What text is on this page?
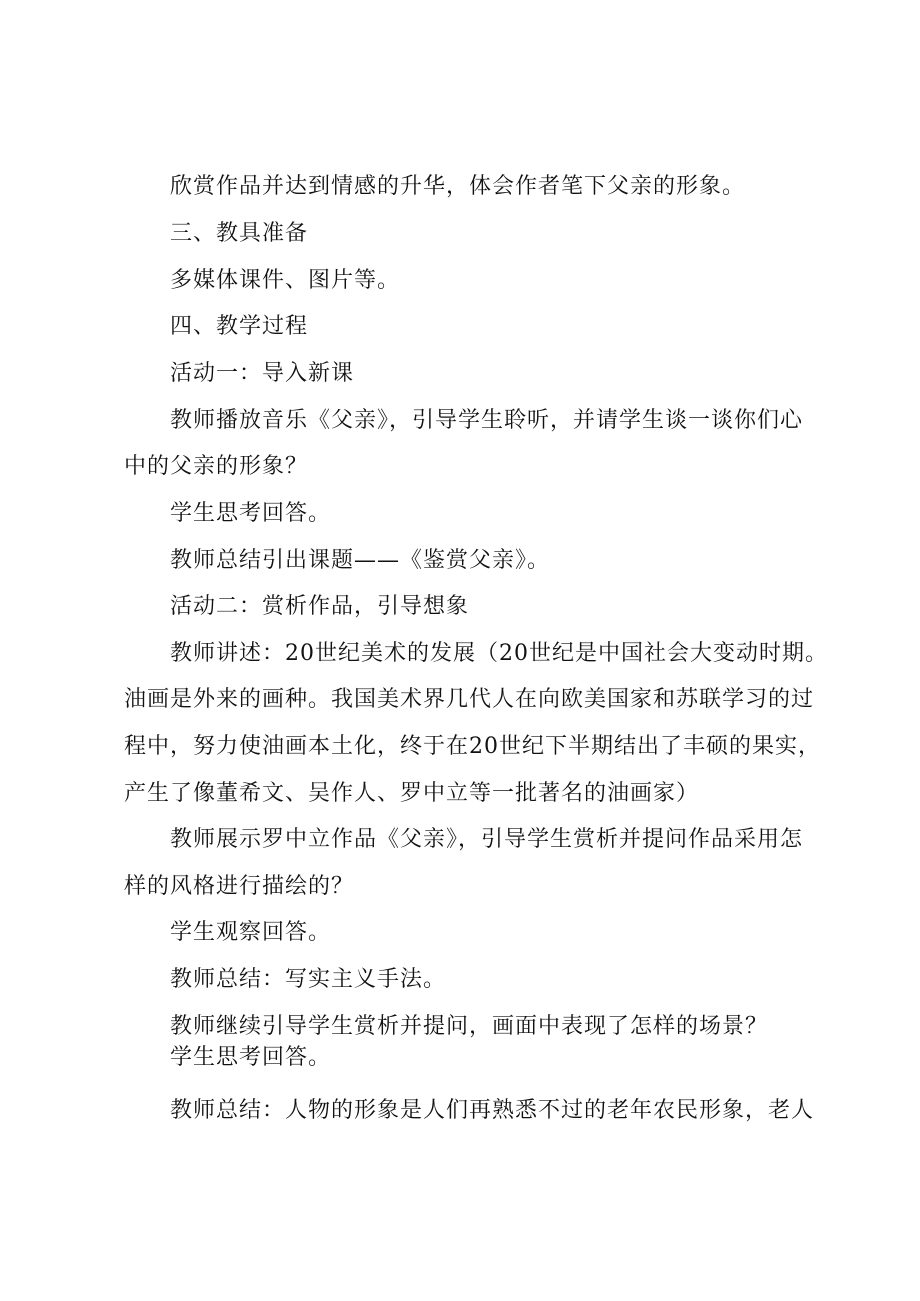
欣赏作品并达到情感的升华，体会作者笔下父亲的形象。
三、教具准备
多媒体课件、图片等。
四、教学过程
活动一：导入新课
教师播放音乐《父亲》，引导学生聆听，并请学生谈一谈你们心
中的父亲的形象？
学生思考回答。
教师总结引出课题——《鉴赏父亲》。
活动二：赏析作品，引导想象
教师讲述：20世纪美术的发展（20世纪是中国社会大变动时期。
油画是外来的画种。我国美术界几代人在向欧美国家和苏联学习的过
程中，努力使油画本土化，终于在20世纪下半期结出了丰硕的果实，
产生了像董希文、吴作人、罗中立等一批著名的油画家）
教师展示罗中立作品《父亲》，引导学生赏析并提问作品采用怎
样的风格进行描绘的？
学生观察回答。
教师总结：写实主义手法。
教师继续引导学生赏析并提问，画面中表现了怎样的场景？
学生思考回答。
教师总结：人物的形象是人们再熟悉不过的老年农民形象，老人
